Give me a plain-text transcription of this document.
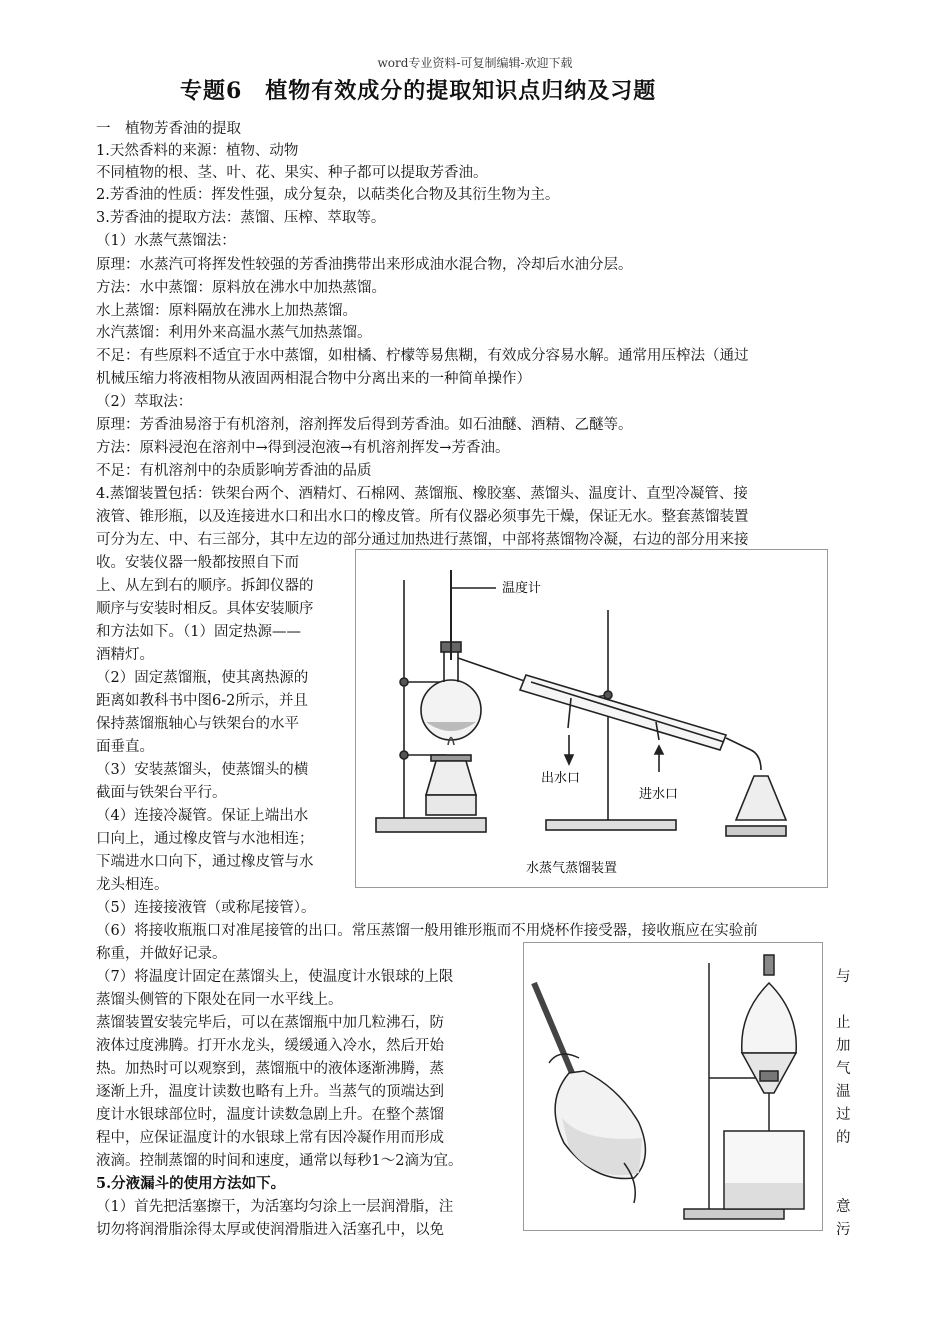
word专业资料-可复制编辑-欢迎下载
专题6　植物有效成分的提取知识点归纳及习题
一　植物芳香油的提取
1.天然香料的来源：植物、动物
不同植物的根、茎、叶、花、果实、种子都可以提取芳香油。
2.芳香油的性质：挥发性强，成分复杂，以萜类化合物及其衍生物为主。
3.芳香油的提取方法：蒸馏、压榨、萃取等。
（1）水蒸气蒸馏法：
原理：水蒸汽可将挥发性较强的芳香油携带出来形成油水混合物，冷却后水油分层。
方法：水中蒸馏：原料放在沸水中加热蒸馏。
水上蒸馏：原料隔放在沸水上加热蒸馏。
水汽蒸馏：利用外来高温水蒸气加热蒸馏。
不足：有些原料不适宜于水中蒸馏，如柑橘、柠檬等易焦糊，有效成分容易水解。通常用压榨法（通过
机械压缩力将液相物从液固两相混合物中分离出来的一种简单操作）
（2）萃取法：
原理：芳香油易溶于有机溶剂，溶剂挥发后得到芳香油。如石油醚、酒精、乙醚等。
方法：原料浸泡在溶剂中→得到浸泡液→有机溶剂挥发→芳香油。
不足：有机溶剂中的杂质影响芳香油的品质
4.蒸馏装置包括：铁架台两个、酒精灯、石棉网、蒸馏瓶、橡胶塞、蒸馏头、温度计、直型冷凝管、接
液管、锥形瓶，以及连接进水口和出水口的橡皮管。所有仪器必须事先干燥，保证无水。整套蒸馏装置
可分为左、中、右三部分，其中左边的部分通过加热进行蒸馏，中部将蒸馏物冷凝，右边的部分用来接
收。安装仪器一般都按照自下而
上、从左到右的顺序。拆卸仪器的
顺序与安装时相反。具体安装顺序
和方法如下。（1）固定热源——
酒精灯。
（2）固定蒸馏瓶，使其离热源的
距离如教科书中图6-2所示，并且
保持蒸馏瓶轴心与铁架台的水平
面垂直。
（3）安装蒸馏头，使蒸馏头的横
截面与铁架台平行。
（4）连接冷凝管。保证上端出水
口向上，通过橡皮管与水池相连；
下端进水口向下，通过橡皮管与水
龙头相连。
温度计
出水口
进水口
水蒸气蒸馏装置
（5）连接接液管（或称尾接管）。
（6）将接收瓶瓶口对准尾接管的出口。常压蒸馏一般用锥形瓶而不用烧杯作接受器，接收瓶应在实验前
称重，并做好记录。
（7）将温度计固定在蒸馏头上，使温度计水银球的上限
蒸馏头侧管的下限处在同一水平线上。
蒸馏装置安装完毕后，可以在蒸馏瓶中加几粒沸石，防
液体过度沸腾。打开水龙头，缓缓通入冷水，然后开始
热。加热时可以观察到，蒸馏瓶中的液体逐渐沸腾，蒸
逐渐上升，温度计读数也略有上升。当蒸气的顶端达到
度计水银球部位时，温度计读数急剧上升。在整个蒸馏
程中，应保证温度计的水银球上常有因冷凝作用而形成
液滴。控制蒸馏的时间和速度，通常以每秒1～2滴为宜。
5.分液漏斗的使用方法如下。
（1）首先把活塞擦干，为活塞均匀涂上一层润滑脂，注
切勿将润滑脂涂得太厚或使润滑脂进入活塞孔中，以免
与
止
加
气
温
过
的
意
污
